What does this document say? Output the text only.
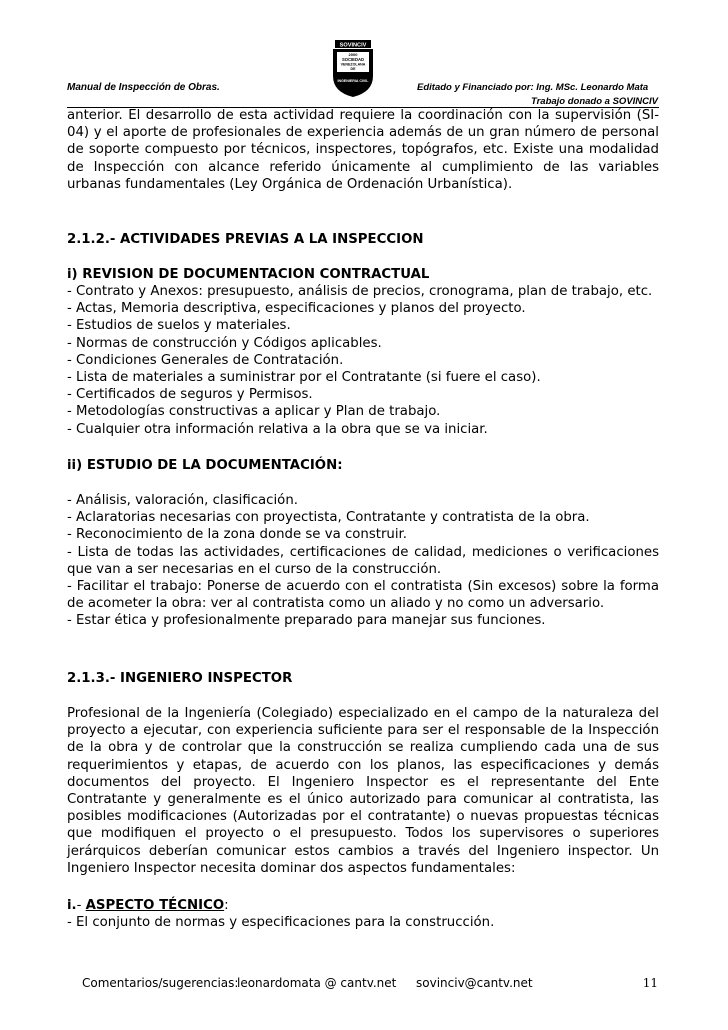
Manual de Inspección de Obras.
SOVINCIV
2000
SOCIEDAD
VENEZOLANA
DE
INGENIERIA CIVIL
Editado y Financiado por: Ing. MSc. Leonardo Mata
Trabajo donado a SOVINCIV

anterior. El desarrollo de esta actividad requiere la coordinación con la supervisión (SI-04) y el aporte de profesionales de experiencia además de un gran número de personal de soporte compuesto por técnicos, inspectores, topógrafos, etc. Existe una modalidad de Inspección con alcance referido únicamente al cumplimiento de las variables urbanas fundamentales (Ley Orgánica de Ordenación Urbanística).

2.1.2.- ACTIVIDADES PREVIAS A LA INSPECCION

i) REVISION DE DOCUMENTACION CONTRACTUAL

- Contrato y Anexos: presupuesto, análisis de precios, cronograma, plan de trabajo, etc.

- Actas, Memoria descriptiva, especificaciones y planos del proyecto.

- Estudios de suelos y materiales.

- Normas de construcción y Códigos aplicables.

- Condiciones Generales de Contratación.

- Lista de materiales a suministrar por el Contratante (si fuere el caso).

- Certificados de seguros y Permisos.

- Metodologías constructivas a aplicar y Plan de trabajo.

- Cualquier otra información relativa a la obra que se va iniciar.

ii) ESTUDIO DE LA DOCUMENTACIÓN:

- Análisis, valoración, clasificación.

- Aclaratorias necesarias con proyectista, Contratante y contratista de la obra.

- Reconocimiento de la zona donde se va construir.

- Lista de todas las actividades, certificaciones de calidad, mediciones o verificaciones que van a ser necesarias en el curso de la construcción.

- Facilitar el trabajo: Ponerse de acuerdo con el contratista (Sin excesos) sobre la forma de acometer la obra: ver al contratista como un aliado y no como un adversario.

- Estar ética y profesionalmente preparado para manejar sus funciones.

2.1.3.- INGENIERO INSPECTOR

Profesional de la Ingeniería (Colegiado) especializado en el campo de la naturaleza del proyecto a ejecutar, con experiencia suficiente para ser el responsable de la Inspección de la obra y de controlar que la construcción se realiza cumpliendo cada una de sus requerimientos y etapas, de acuerdo con los planos, las especificaciones y demás documentos del proyecto. El Ingeniero Inspector es el representante del Ente Contratante y generalmente es el único autorizado para comunicar al contratista, las posibles modificaciones (Autorizadas por el contratante) o nuevas propuestas técnicas que modifiquen el proyecto o el presupuesto. Todos los supervisores o superiores jerárquicos deberían comunicar estos cambios a través del Ingeniero inspector. Un Ingeniero Inspector necesita dominar dos aspectos fundamentales:

i.- ASPECTO TÉCNICO:

- El conjunto de normas y especificaciones para la construcción.

Comentarios/sugerencias:
leonardomata @ cantv.net sovinciv@cantv.net	11
